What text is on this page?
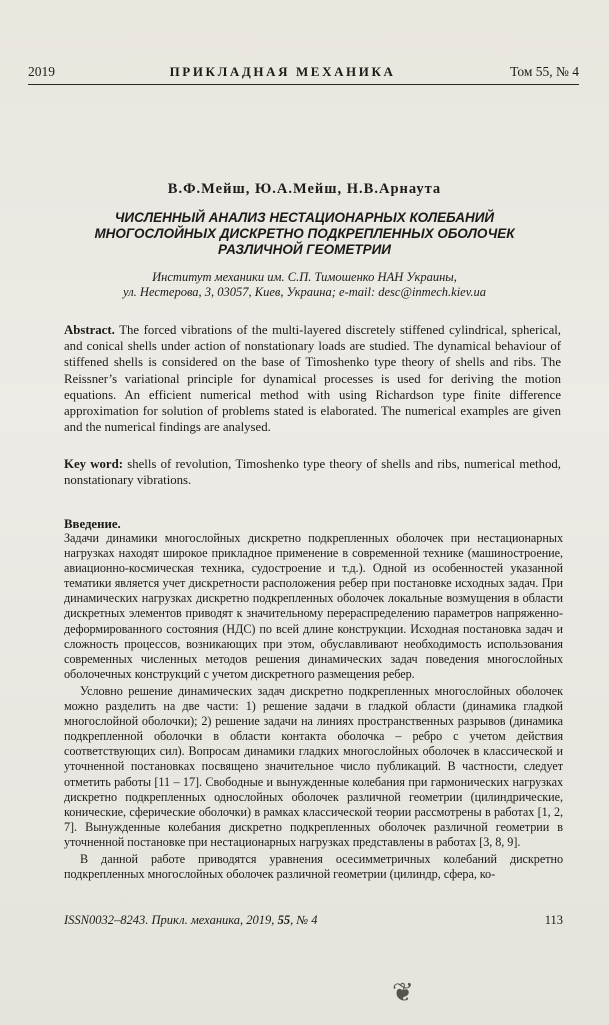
2019	ПРИКЛАДНАЯ МЕХАНИКА	Том 55, № 4
В.Ф.Мейш, Ю.А.Мейш, Н.В.Арнаута
ЧИСЛЕННЫЙ АНАЛИЗ НЕСТАЦИОНАРНЫХ КОЛЕБАНИЙ
МНОГОСЛОЙНЫХ ДИСКРЕТНО ПОДКРЕПЛЕННЫХ ОБОЛОЧЕК
РАЗЛИЧНОЙ ГЕОМЕТРИИ
Институт механики им. С.П. Тимошенко НАН Украины,
ул. Нестерова, 3, 03057, Киев, Украина; e-mail: desc@inmech.kiev.ua
Abstract. The forced vibrations of the multi-layered discretely stiffened cylindrical, spherical, and conical shells under action of nonstationary loads are studied. The dynamical behaviour of stiffened shells is considered on the base of Timoshenko type theory of shells and ribs. The Reissner’s variational principle for dynamical processes is used for deriving the motion equations. An efficient numerical method with using Richardson type finite difference approximation for solution of problems stated is elaborated. The numerical examples are given and the numerical findings are analysed.
Key word: shells of revolution, Timoshenko type theory of shells and ribs, numerical method, nonstationary vibrations.
Введение.

Задачи динамики многослойных дискретно подкрепленных оболочек при нестационарных нагрузках находят широкое прикладное применение в современной технике (машиностроение, авиационно-космическая техника, судостроение и т.д.). Одной из особенностей указанной тематики является учет дискретности расположения ребер при постановке исходных задач. При динамических нагрузках дискретно подкрепленных оболочек локальные возмущения в области дискретных элементов приводят к значительному перераспределению параметров напряженно-деформированного состояния (НДС) по всей длине конструкции. Исходная постановка задач и сложность процессов, возникающих при этом, обуславливают необходимость использования современных численных методов решения динамических задач поведения многослойных оболочечных конструкций с учетом дискретного размещения ребер.

Условно решение динамических задач дискретно подкрепленных многослойных оболочек можно разделить на две части: 1) решение задачи в гладкой области (динамика гладкой многослойной оболочки); 2) решение задачи на линиях пространственных разрывов (динамика подкрепленной оболочки в области контакта оболочка – ребро с учетом действия соответствующих сил). Вопросам динамики гладких многослойных оболочек в классической и уточненной постановках посвящено значительное число публикаций. В частности, следует отметить работы [11 – 17]. Свободные и вынужденные колебания при гармонических нагрузках дискретно подкрепленных однослойных оболочек различной геометрии (цилиндрические, конические, сферические оболочки) в рамках классической теории рассмотрены в работах [1, 2, 7]. Вынужденные колебания дискретно подкрепленных оболочек различной геометрии в уточненной постановке при нестационарных нагрузках представлены в работах [3, 8, 9].

В данной работе приводятся уравнения осесимметричных колебаний дискретно подкрепленных многослойных оболочек различной геометрии (цилиндр, сфера, ко-

ISSN0032–8243. Прикл. механика, 2019, 55, № 4	113
❦
